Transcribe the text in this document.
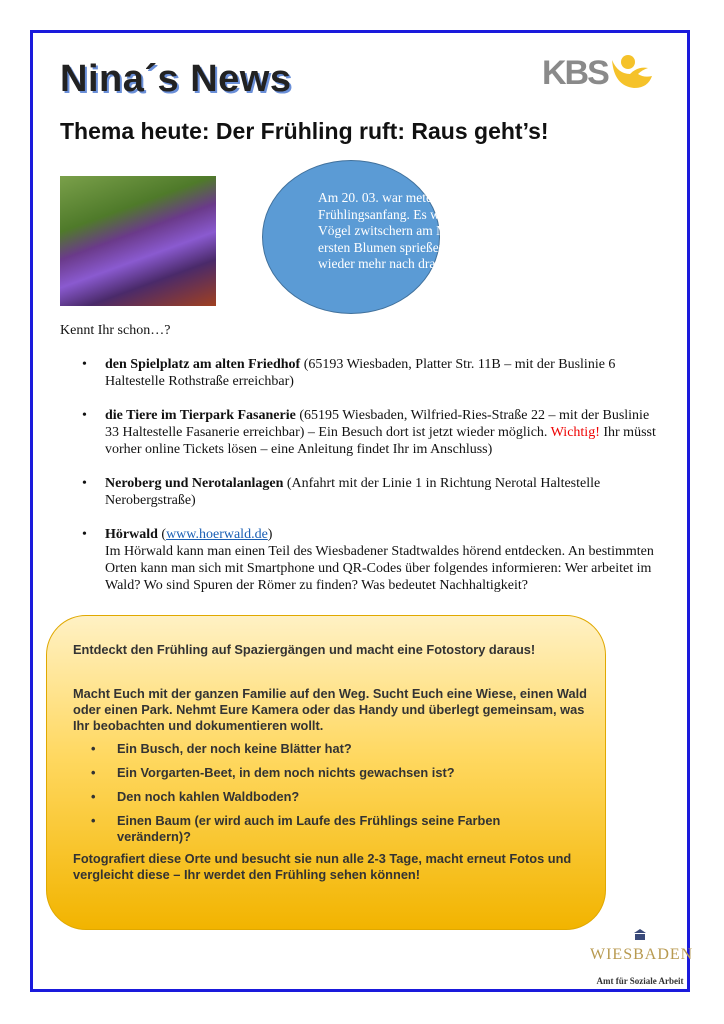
Nina´s News	KBS
Thema heute: Der Frühling ruft: Raus geht’s!
Am 20. 03. war meteorologischer Frühlingsanfang. Es wird wärmer, die Vögel zwitschern am Morgen und die ersten Blumen sprießen. Es wird Zeit wieder mehr nach draußen zu gehen….
Kennt Ihr schon…?
• den Spielplatz am alten Friedhof (65193 Wiesbaden, Platter Str. 11B – mit der Buslinie 6 Haltestelle Rothstraße erreichbar)
• die Tiere im Tierpark Fasanerie (65195 Wiesbaden, Wilfried-Ries-Straße 22 – mit der Buslinie 33 Haltestelle Fasanerie erreichbar) – Ein Besuch dort ist jetzt wieder möglich. Wichtig! Ihr müsst vorher online Tickets lösen – eine Anleitung findet Ihr im Anschluss)
• Neroberg und Nerotalanlagen (Anfahrt mit der Linie 1 in Richtung Nerotal Haltestelle Nerobergstraße)
• Hörwald (www.hoerwald.de)
Im Hörwald kann man einen Teil des Wiesbadener Stadtwaldes hörend entdecken. An bestimmten Orten kann man sich mit Smartphone und QR-Codes über folgendes informieren: Wer arbeitet im Wald? Wo sind Spuren der Römer zu finden? Was bedeutet Nachhaltigkeit?

Entdeckt den Frühling auf Spaziergängen und macht eine Fotostory daraus!

Macht Euch mit der ganzen Familie auf den Weg. Sucht Euch eine Wiese, einen Wald oder einen Park. Nehmt Eure Kamera oder das Handy und überlegt gemeinsam, was Ihr beobachten und dokumentieren wollt.

• Ein Busch, der noch keine Blätter hat?
• Ein Vorgarten-Beet, in dem noch nichts gewachsen ist?
• Den noch kahlen Waldboden?
• Einen Baum (er wird auch im Laufe des Frühlings seine Farben verändern)?

Fotografiert diese Orte und besucht sie nun alle 2-3 Tage, macht erneut Fotos und vergleicht diese – Ihr werdet den Frühling sehen können!

WIESBADEN
Amt für Soziale Arbeit
